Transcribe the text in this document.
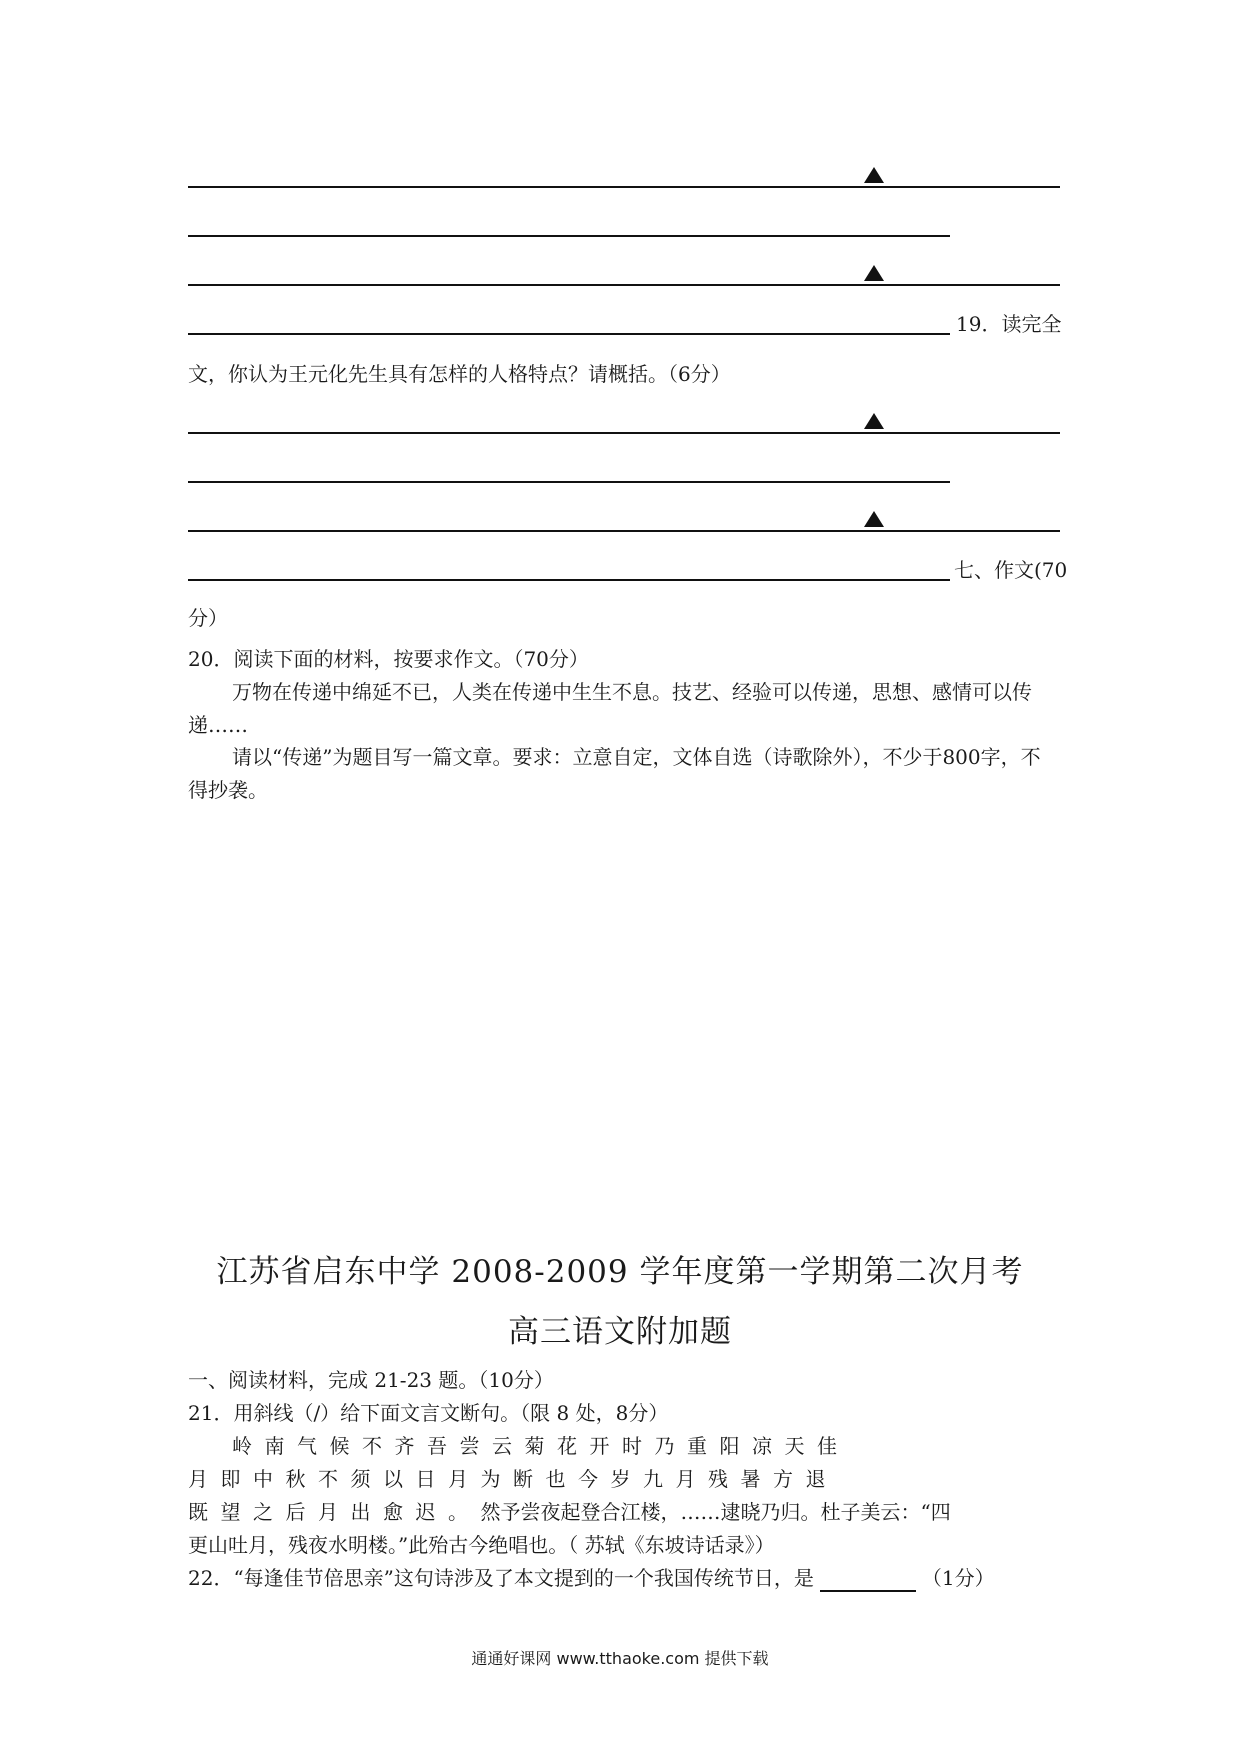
19．读完全
文，你认为王元化先生具有怎样的人格特点？请概括。（6分）
七、作文(70
分）
20．阅读下面的材料，按要求作文。（70分）
万物在传递中绵延不已，人类在传递中生生不息。技艺、经验可以传递，思想、感情可以传递……
请以“传递”为题目写一篇文章。要求：立意自定，文体自选（诗歌除外），不少于800字，不得抄袭。
江苏省启东中学 2008-2009 学年度第一学期第二次月考
高三语文附加题
一、阅读材料，完成 21-23 题。（10分）
21．用斜线（/）给下面文言文断句。（限 8 处，8分）
岭南气候不齐吾尝云菊花开时乃重阳凉天佳
月即中秋不须以日月为断也今岁九月残暑方退
既望之后月出愈迟。然予尝夜起登合江楼，……逮晓乃归。杜子美云：“四
更山吐月，残夜水明楼。”此殆古今绝唱也。（ 苏轼《东坡诗话录》）
22．“每逢佳节倍思亲”这句诗涉及了本文提到的一个我国传统节日，是	（1分）
通通好课网 www.tthaoke.com 提供下载
